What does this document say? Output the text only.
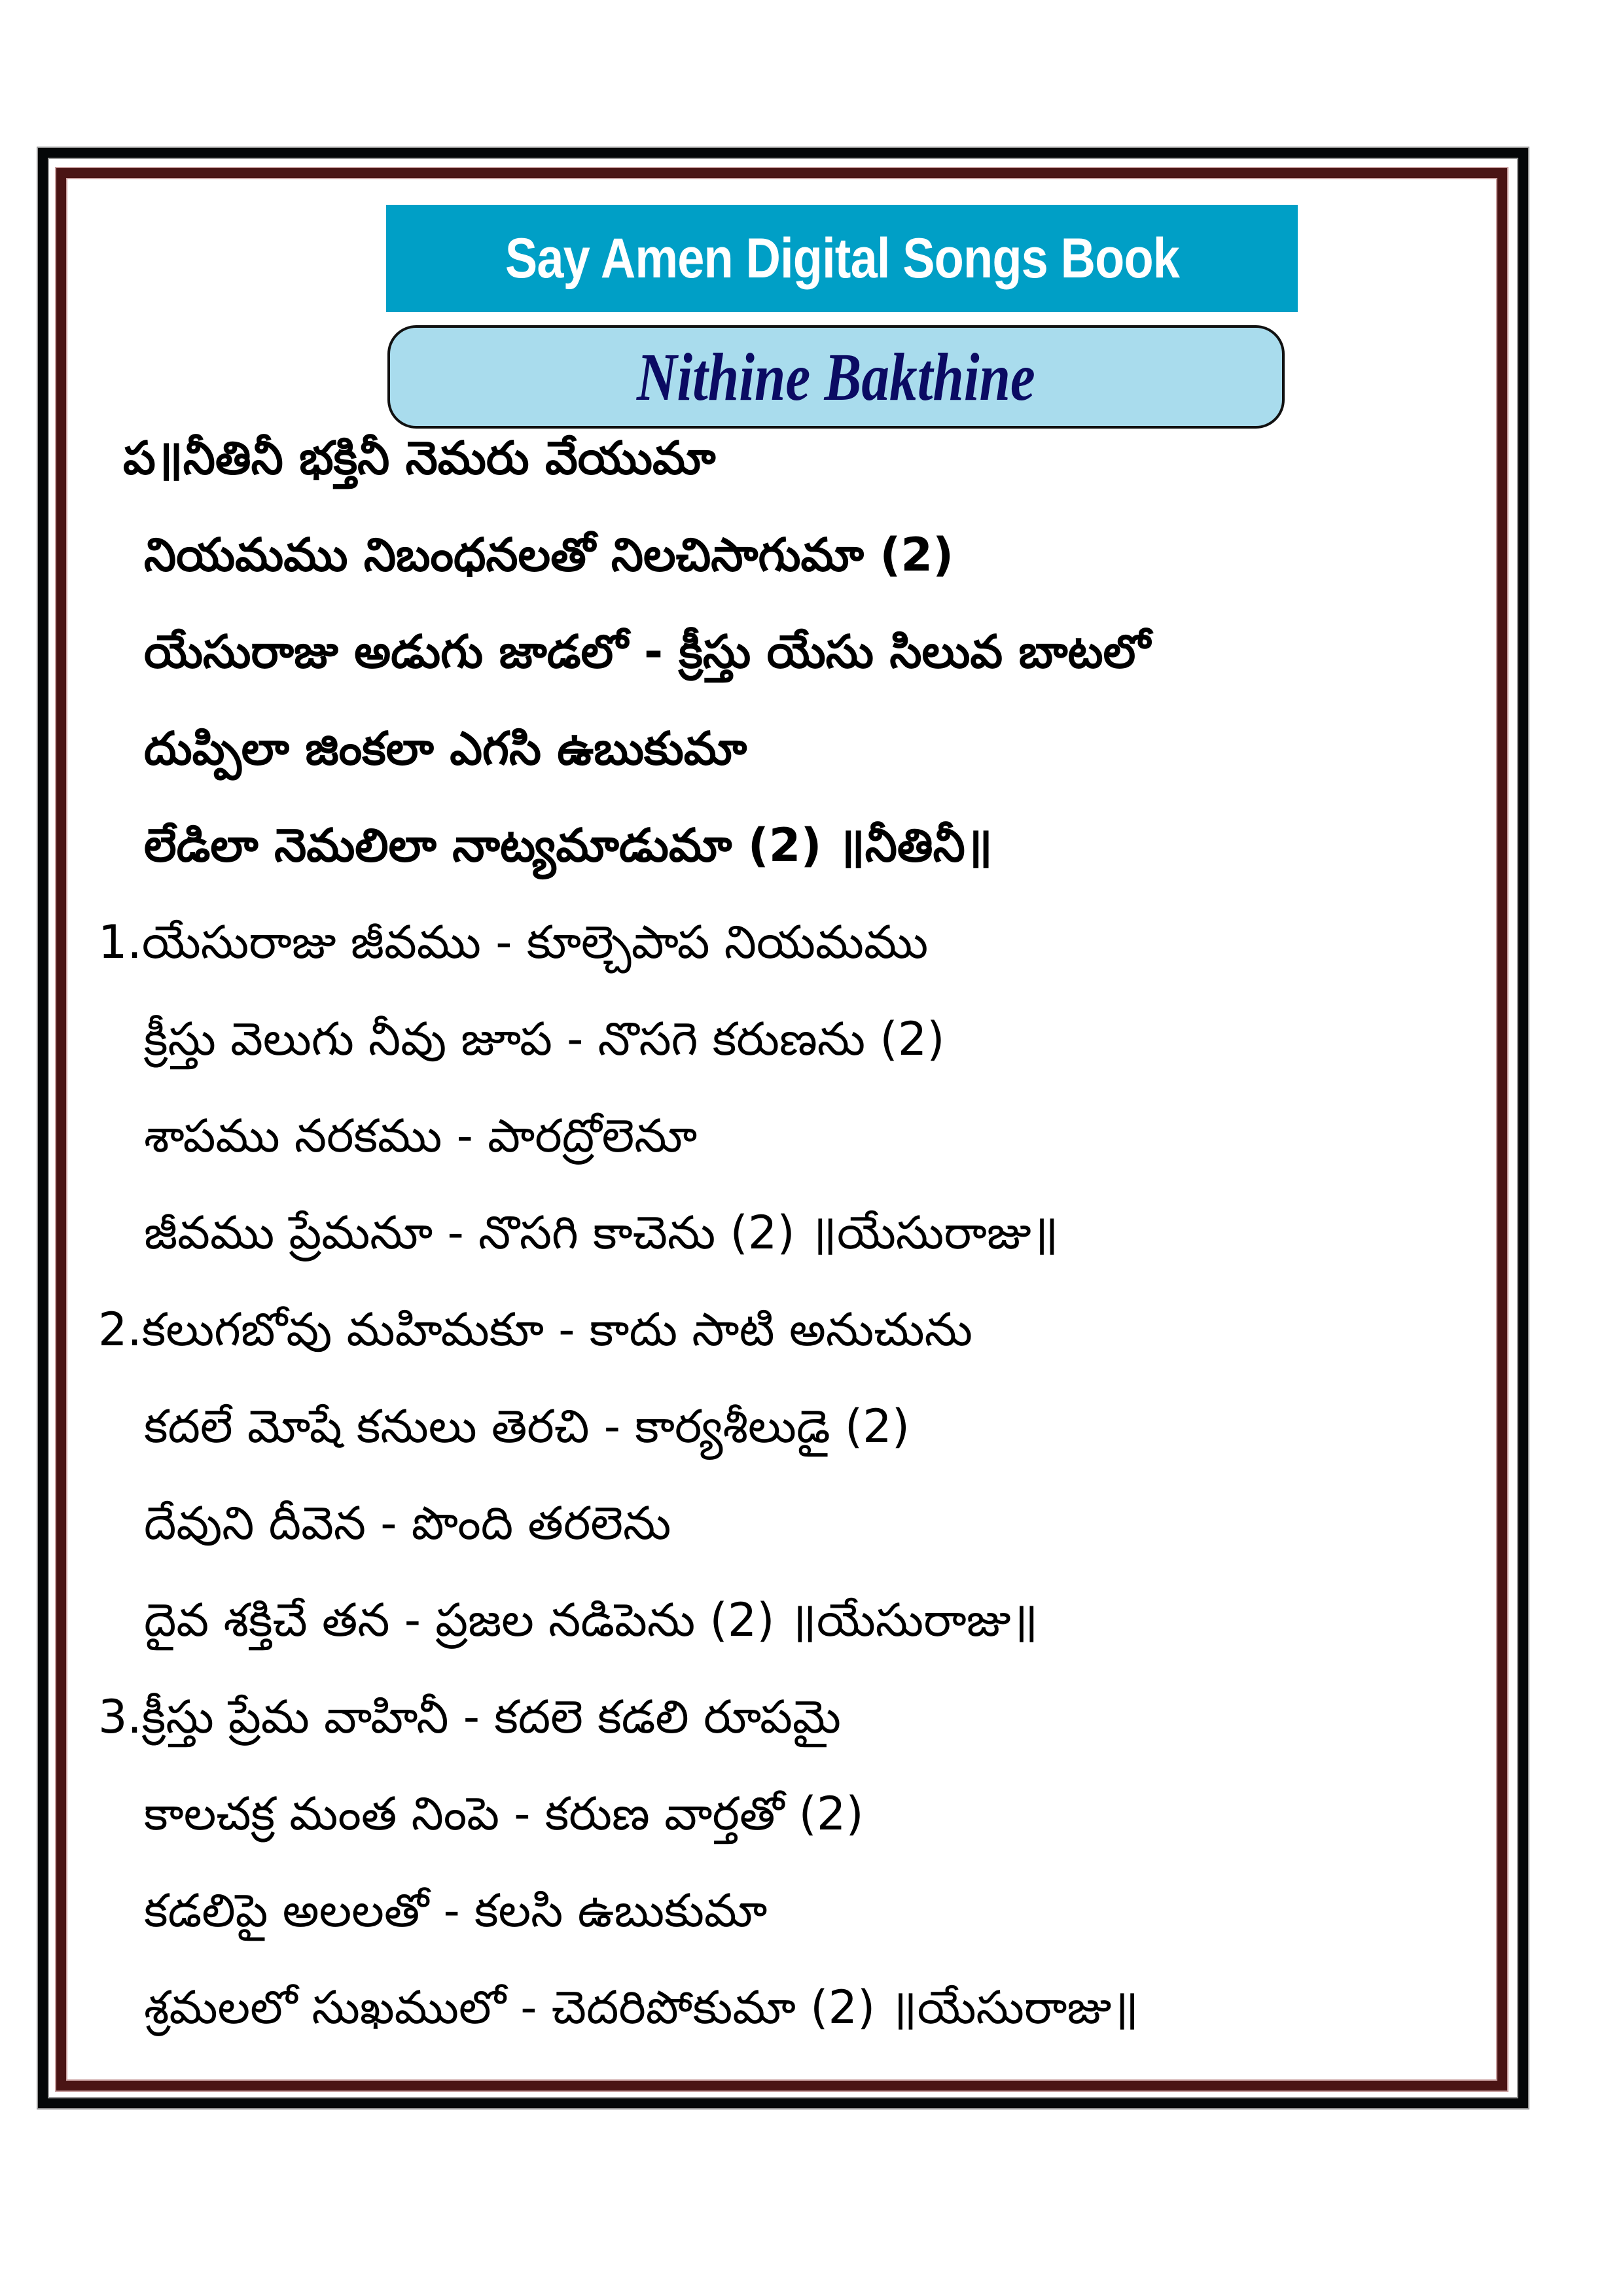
Say Amen Digital Songs Book
Nithine Bakthine
ప॥నీతినీ భక్తినీ నెమరు వేయుమా
నియమము నిబంధనలతో నిలచిసాగుమా (2)
యేసురాజు అడుగు జాడలో - క్రీస్తు యేసు సిలువ బాటలో
దుప్పిలా జింకలా ఎగసి ఉబుకుమా
లేడిలా నెమలిలా నాట్యమాడుమా (2) ॥నీతినీ॥
1.యేసురాజు జీవము - కూల్చెపాప నియమము
క్రీస్తు వెలుగు నీవు జూప - నొసగె కరుణను (2)
శాపము నరకము - పారద్రోలెనూ
జీవము ప్రేమనూ - నొసగి కాచెను (2) ॥యేసురాజు॥
2.కలుగబోవు మహిమకూ - కాదు సాటి అనుచును
కదలే మోషే కనులు తెరచి - కార్యశీలుడై (2)
దేవుని దీవెన - పొంది తరలెను
దైవ శక్తిచే తన - ప్రజల నడిపెను (2) ॥యేసురాజు॥
3.క్రీస్తు ప్రేమ వాహినీ - కదలె కడలి రూపమై
కాలచక్ర మంత నింపె - కరుణ వార్తతో (2)
కడలిపై అలలతో - కలసి ఉబుకుమా
శ్రమలలో సుఖములో - చెదరిపోకుమా (2) ॥యేసురాజు॥
